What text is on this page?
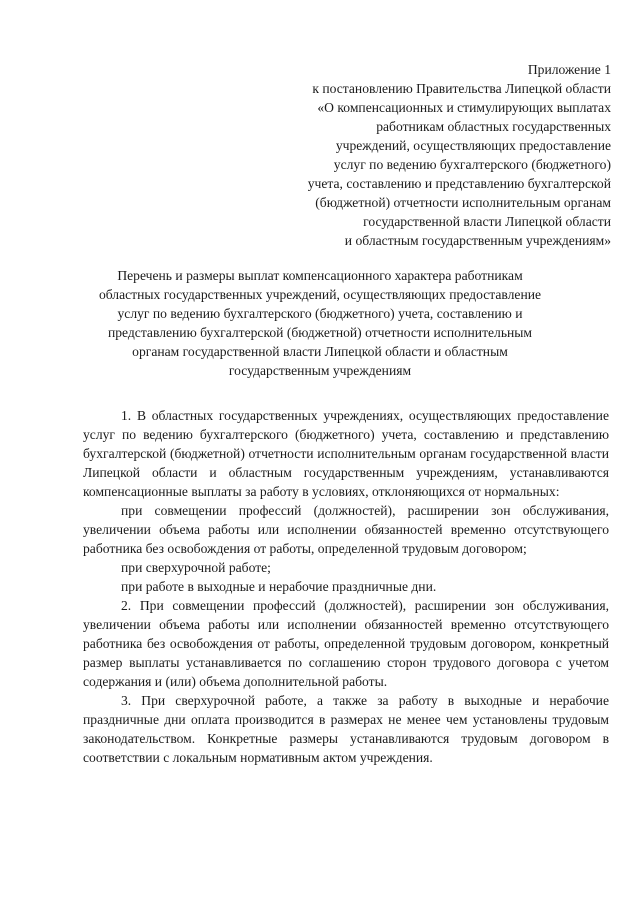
Приложение 1
к постановлению Правительства Липецкой области
«О компенсационных и стимулирующих выплатах
работникам областных государственных
учреждений, осуществляющих предоставление
услуг по ведению бухгалтерского (бюджетного)
учета, составлению и представлению бухгалтерской
(бюджетной) отчетности исполнительным органам
государственной власти Липецкой области
и областным государственным учреждениям»
Перечень и размеры выплат компенсационного характера работникам
областных государственных учреждений, осуществляющих предоставление
услуг по ведению бухгалтерского (бюджетного) учета, составлению и
представлению бухгалтерской (бюджетной) отчетности исполнительным
органам государственной власти Липецкой области и областным
государственным учреждениям

1. В областных государственных учреждениях, осуществляющих предоставление услуг по ведению бухгалтерского (бюджетного) учета, составлению и представлению бухгалтерской (бюджетной) отчетности исполнительным органам государственной власти Липецкой области и областным государственным учреждениям, устанавливаются компенсационные выплаты за работу в условиях, отклоняющихся от нормальных:

при совмещении профессий (должностей), расширении зон обслуживания, увеличении объема работы или исполнении обязанностей временно отсутствующего работника без освобождения от работы, определенной трудовым договором;

при сверхурочной работе;

при работе в выходные и нерабочие праздничные дни.

2. При совмещении профессий (должностей), расширении зон обслуживания, увеличении объема работы или исполнении обязанностей временно отсутствующего работника без освобождения от работы, определенной трудовым договором, конкретный размер выплаты устанавливается по соглашению сторон трудового договора с учетом содержания и (или) объема дополнительной работы.

3. При сверхурочной работе, а также за работу в выходные и нерабочие праздничные дни оплата производится в размерах не менее чем установлены трудовым законодательством. Конкретные размеры устанавливаются трудовым договором в соответствии с локальным нормативным актом учреждения.
